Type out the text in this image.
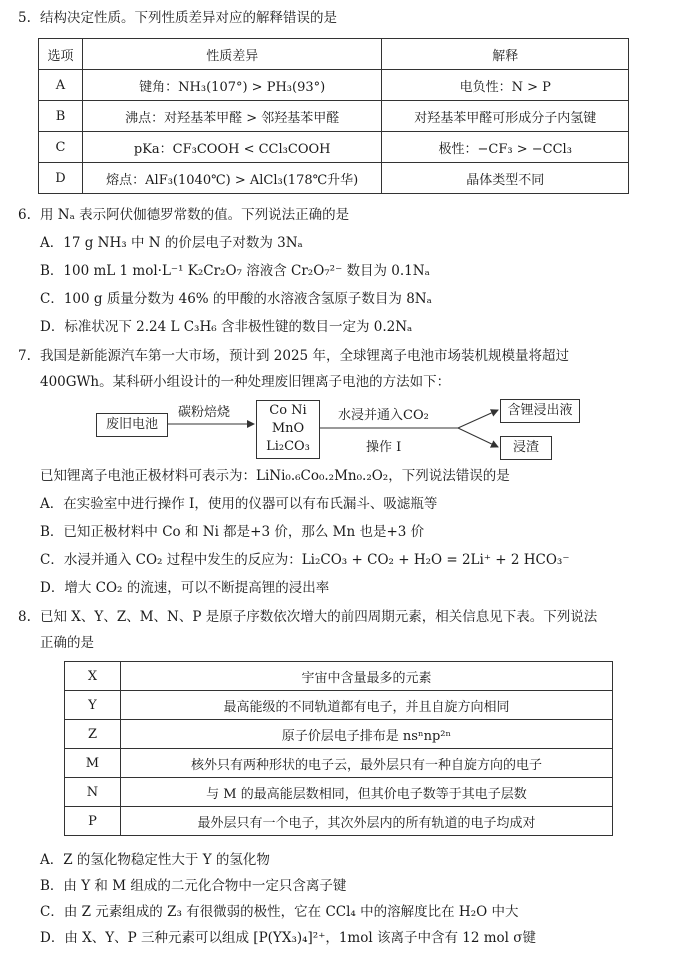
5. 结构决定性质。下列性质差异对应的解释错误的是
选项	性质差异	解释
A	键角：NH₃(107°) > PH₃(93°)	电负性：N > P
B	沸点：对羟基苯甲醛 > 邻羟基苯甲醛	对羟基苯甲醛可形成分子内氢键
C	pKa：CF₃COOH < CCl₃COOH	极性：−CF₃ > −CCl₃
D	熔点：AlF₃(1040℃) > AlCl₃(178℃升华)	晶体类型不同
6. 用 Nₐ 表示阿伏伽德罗常数的值。下列说法正确的是
A．17 g NH₃ 中 N 的价层电子对数为 3Nₐ
B．100 mL 1 mol·L⁻¹ K₂Cr₂O₇ 溶液含 Cr₂O₇²⁻ 数目为 0.1Nₐ
C．100 g 质量分数为 46% 的甲酸的水溶液含氢原子数目为 8Nₐ
D．标准状况下 2.24 L C₃H₆ 含非极性键的数目一定为 0.2Nₐ
7. 我国是新能源汽车第一大市场，预计到 2025 年，全球锂离子电池市场装机规模量将超过
400GWh。某科研小组设计的一种处理废旧锂离子电池的方法如下：
废旧电池
碳粉焙烧	Co Ni
MnO
Li₂CO₃
水浸并通入CO₂
操作 I
含锂浸出液
浸渣
已知锂离子电池正极材料可表示为：LiNi₀.₆Co₀.₂Mn₀.₂O₂，下列说法错误的是
A．在实验室中进行操作 I，使用的仪器可以有布氏漏斗、吸滤瓶等
B．已知正极材料中 Co 和 Ni 都是+3 价，那么 Mn 也是+3 价
C．水浸并通入 CO₂ 过程中发生的反应为：Li₂CO₃ + CO₂ + H₂O = 2Li⁺ + 2 HCO₃⁻
D．增大 CO₂ 的流速，可以不断提高锂的浸出率
8. 已知 X、Y、Z、M、N、P 是原子序数依次增大的前四周期元素，相关信息见下表。下列说法
正确的是
X	宇宙中含量最多的元素
Y	最高能级的不同轨道都有电子，并且自旋方向相同
Z	原子价层电子排布是 nsⁿnp²ⁿ
M	核外只有两种形状的电子云，最外层只有一种自旋方向的电子
N	与 M 的最高能层数相同，但其价电子数等于其电子层数
P	最外层只有一个电子，其次外层内的所有轨道的电子均成对
A．Z 的氢化物稳定性大于 Y 的氢化物
B．由 Y 和 M 组成的二元化合物中一定只含离子键
C．由 Z 元素组成的 Z₃ 有很微弱的极性，它在 CCl₄ 中的溶解度比在 H₂O 中大
D．由 X、Y、P 三种元素可以组成 [P(YX₃)₄]²⁺，1mol 该离子中含有 12 mol σ键
